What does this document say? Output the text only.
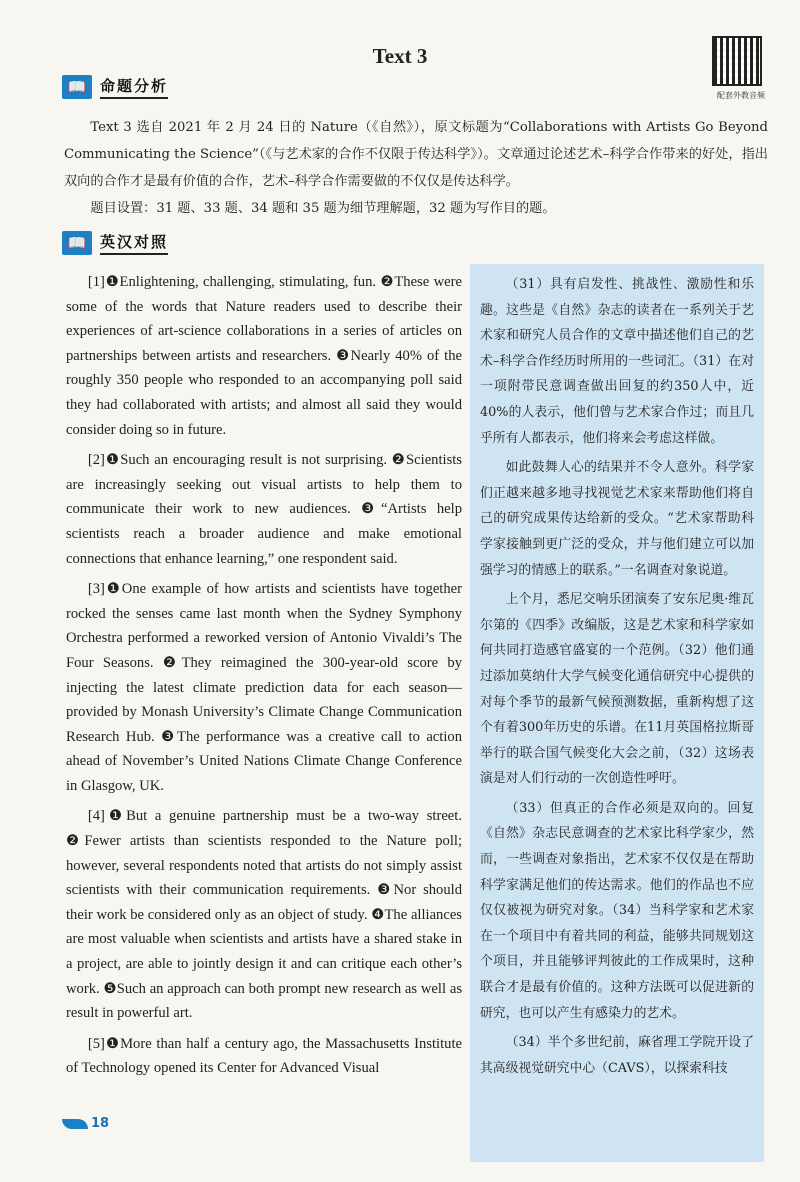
Text 3
配套外教音频
📖 命题分析

Text 3 选自 2021 年 2 月 24 日的 Nature（《自然》），原文标题为“Collaborations with Artists Go Beyond Communicating the Science”（《与艺术家的合作不仅限于传达科学》）。文章通过论述艺术–科学合作带来的好处，指出双向的合作才是最有价值的合作，艺术–科学合作需要做的不仅仅是传达科学。

题目设置：31 题、33 题、34 题和 35 题为细节理解题，32 题为写作目的题。

📖 英汉对照

[1]❶Enlightening, challenging, stimulating, fun. ❷These were some of the words that Nature readers used to describe their experiences of art-science collaborations in a series of articles on partnerships between artists and researchers. ❸Nearly 40% of the roughly 350 people who responded to an accompanying poll said they had collaborated with artists; and almost all said they would consider doing so in future.

[2]❶Such an encouraging result is not surprising. ❷Scientists are increasingly seeking out visual artists to help them to communicate their work to new audiences. ❸“Artists help scientists reach a broader audience and make emotional connections that enhance learning,” one respondent said.

[3]❶One example of how artists and scientists have together rocked the senses came last month when the Sydney Symphony Orchestra performed a reworked version of Antonio Vivaldi’s The Four Seasons. ❷They reimagined the 300-year-old score by injecting the latest climate prediction data for each season—provided by Monash University’s Climate Change Communication Research Hub. ❸The performance was a creative call to action ahead of November’s United Nations Climate Change Conference in Glasgow, UK.

[4]❶But a genuine partnership must be a two-way street. ❷Fewer artists than scientists responded to the Nature poll; however, several respondents noted that artists do not simply assist scientists with their communication requirements. ❸Nor should their work be considered only as an object of study. ❹The alliances are most valuable when scientists and artists have a shared stake in a project, are able to jointly design it and can critique each other’s work. ❺Such an approach can both prompt new research as well as result in powerful art.

[5]❶More than half a century ago, the Massachusetts Institute of Technology opened its Center for Advanced Visual

（31）具有启发性、挑战性、激励性和乐趣。这些是《自然》杂志的读者在一系列关于艺术家和研究人员合作的文章中描述他们自己的艺术–科学合作经历时所用的一些词汇。（31）在对一项附带民意调查做出回复的约350人中，近40%的人表示，他们曾与艺术家合作过；而且几乎所有人都表示，他们将来会考虑这样做。

如此鼓舞人心的结果并不令人意外。科学家们正越来越多地寻找视觉艺术家来帮助他们将自己的研究成果传达给新的受众。“艺术家帮助科学家接触到更广泛的受众，并与他们建立可以加强学习的情感上的联系。”一名调查对象说道。

上个月，悉尼交响乐团演奏了安东尼奥·维瓦尔第的《四季》改编版，这是艺术家和科学家如何共同打造感官盛宴的一个范例。（32）他们通过添加莫纳什大学气候变化通信研究中心提供的对每个季节的最新气候预测数据，重新构想了这个有着300年历史的乐谱。在11月英国格拉斯哥举行的联合国气候变化大会之前，（32）这场表演是对人们行动的一次创造性呼吁。

（33）但真正的合作必须是双向的。回复《自然》杂志民意调查的艺术家比科学家少，然而，一些调查对象指出，艺术家不仅仅是在帮助科学家满足他们的传达需求。他们的作品也不应仅仅被视为研究对象。（34）当科学家和艺术家在一个项目中有着共同的利益，能够共同规划这个项目，并且能够评判彼此的工作成果时，这种联合才是最有价值的。这种方法既可以促进新的研究，也可以产生有感染力的艺术。

（34）半个多世纪前，麻省理工学院开设了其高级视觉研究中心（CAVS），以探索科技

18
